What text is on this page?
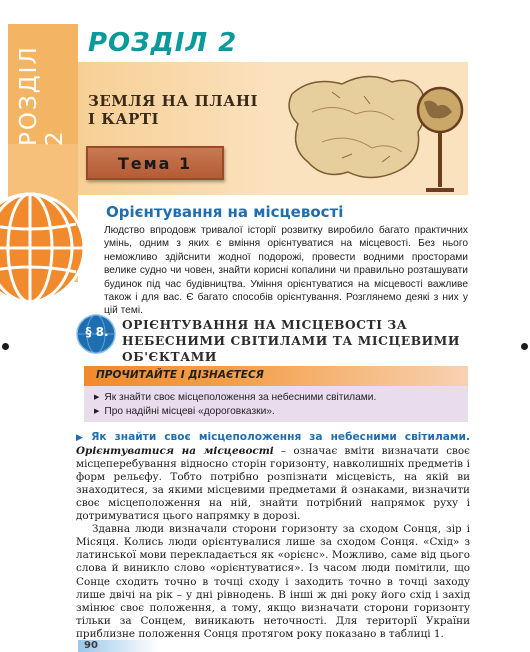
РОЗДІЛ 2
РОЗДІЛ 2
ЗЕМЛЯ НА ПЛАНІ І КАРТІ
Тема 1
Орієнтування на місцевості
Людство впродовж тривалої історії розвитку виробило багато практичних умінь, одним з яких є вміння орієнтуватися на місцевості. Без нього неможливо здійснити жодної подорожі, провести водними просторами велике судно чи човен, знайти корисні копалини чи правильно розташувати будинок під час будівництва. Уміння орієнтуватися на місцевості важливе також і для вас. Є багато способів орієнтування. Розглянемо деякі з них у цій темі.
§ 8.	ОРІЄНТУВАННЯ НА МІСЦЕВОСТІ ЗА НЕБЕСНИМИ СВІТИЛАМИ ТА МІСЦЕВИМИ ОБ'ЄКТАМИ
ПРОЧИТАЙТЕ І ДІЗНАЄТЕСЯ
▶ Як знайти своє місцеположення за небесними світилами.
▶ Про надійні місцеві «дороговказки».

▶ Як знайти своє місцеположення за небесними світилами. Орієнтуватися на місцевості – означає вміти визначати своє місцеперебування відносно сторін горизонту, навколишніх предметів і форм рельєфу. Тобто потрібно розпізнати місцевість, на якій ви знаходитеся, за якими місцевими предметами й ознаками, визначити своє місцеположення на ній, знайти потрібний напрямок руху і дотримуватися цього напрямку в дорозі.

Здавна люди визначали сторони горизонту за сходом Сонця, зір і Місяця. Колись люди орієнтувалися лише за сходом Сонця. «Схід» з латинської мови перекладається як «орієнс». Можливо, саме від цього слова й виникло слово «орієнтуватися». Із часом люди помітили, що Сонце сходить точно в точці сходу і заходить точно в точці заходу лише двічі на рік – у дні рівнодень. В інші ж дні року його схід і захід змінює своє положення, а тому, якщо визначати сторони горизонту тільки за Сонцем, виникають неточності. Для території України приблизне положення Сонця протягом року показано в таблиці 1.

90
